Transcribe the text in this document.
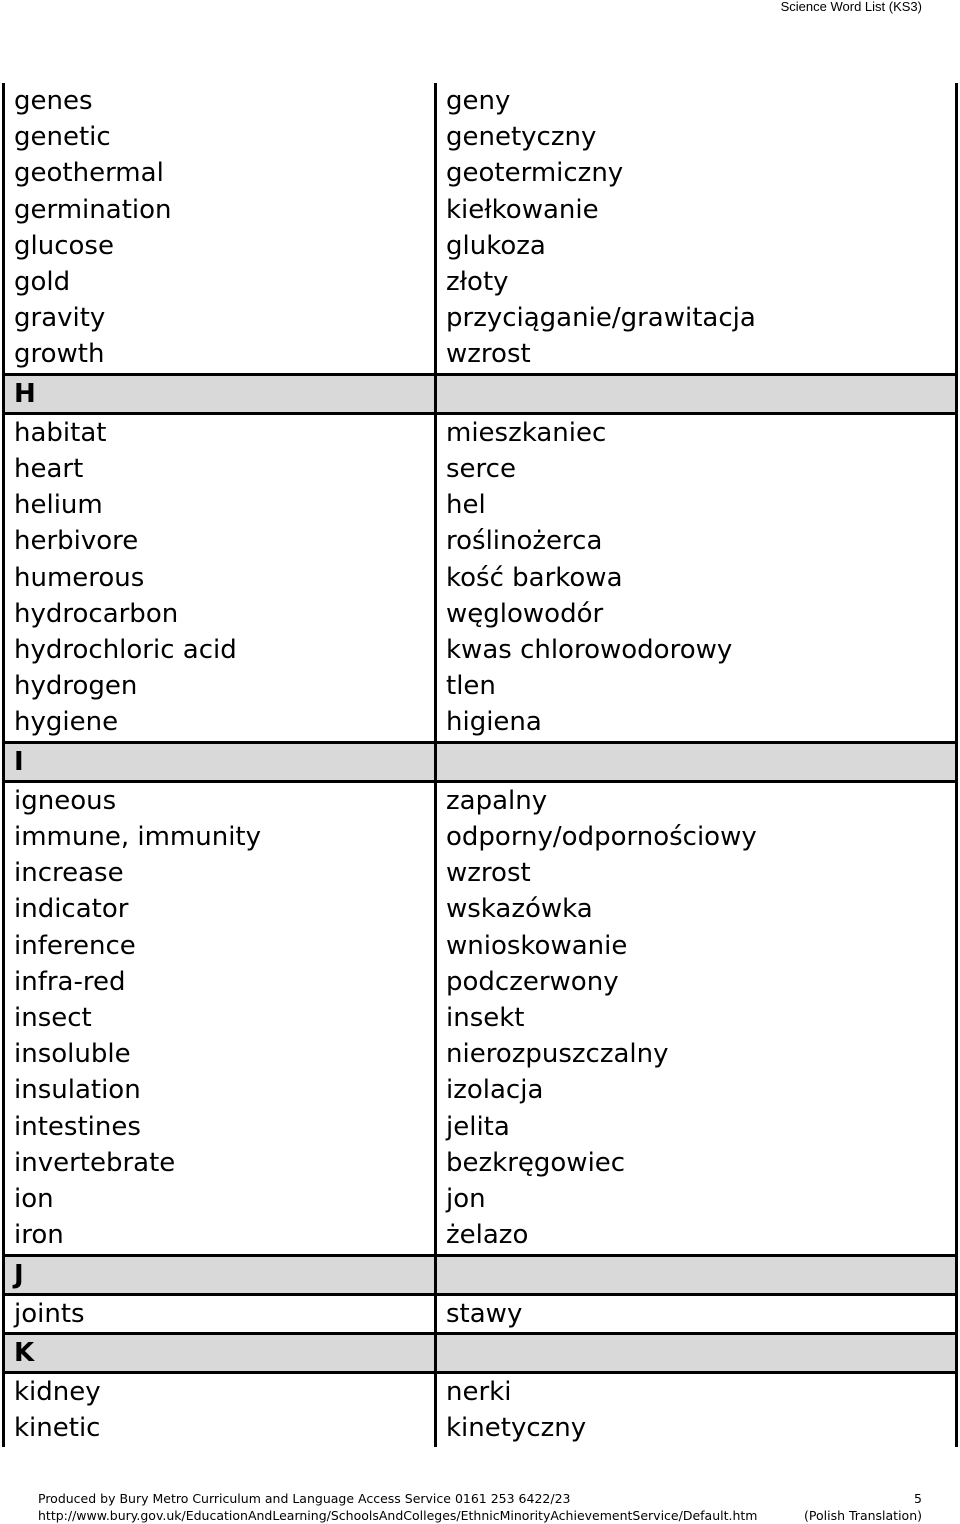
Science Word List (KS3)
genes	geny
genetic	genetyczny
geothermal	geotermiczny
germination	kiełkowanie
glucose	glukoza
gold	złoty
gravity	przyciąganie/grawitacja
growth	wzrost
H	
habitat	mieszkaniec
heart	serce
helium	hel
herbivore	roślinożerca
humerous	kość barkowa
hydrocarbon	węglowodór
hydrochloric acid	kwas chlorowodorowy
hydrogen	tlen
hygiene	higiena
I	
igneous	zapalny
immune, immunity	odporny/odpornościowy
increase	wzrost
indicator	wskazówka
inference	wnioskowanie
infra-red	podczerwony
insect	insekt
insoluble	nierozpuszczalny
insulation	izolacja
intestines	jelita
invertebrate	bezkręgowiec
ion	jon
iron	żelazo
J	
joints	stawy
K	
kidney	nerki
kinetic	kinetyczny
Produced by Bury Metro Curriculum and Language Access Service 0161 253 6422/23	5
http://www.bury.gov.uk/EducationAndLearning/SchoolsAndColleges/EthnicMinorityAchievementService/Default.htm	(Polish Translation)
